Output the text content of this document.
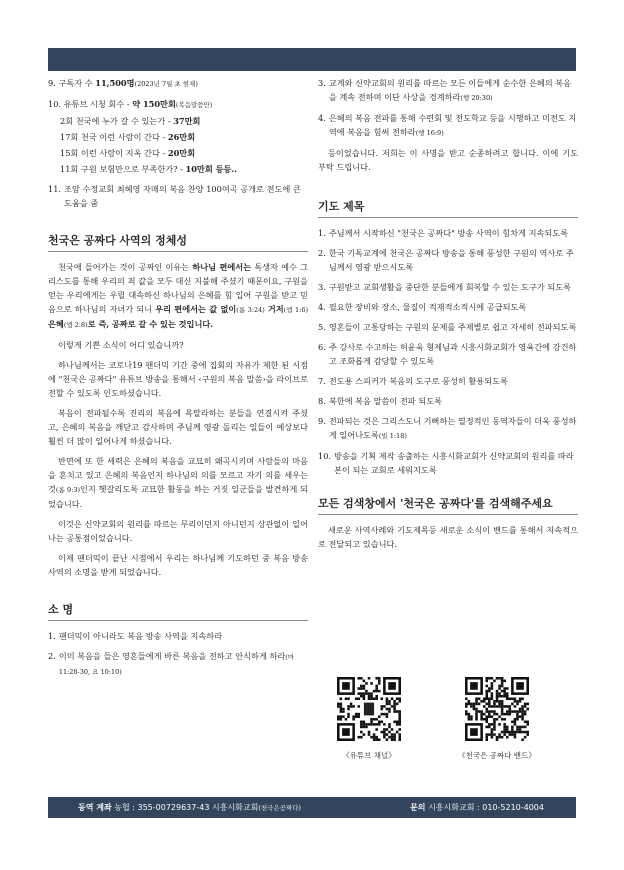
9. 구독자 수 11,500명(2023년 7월 초 현재)
10. 유튜브 시청 회수 - 약 150만회(복음말씀만)
2회 천국에 누가 갈 수 있는가 - 37만회
17회 천국 이런 사람이 간다 - 26만회
15회 이런 사람이 지옥 간다 - 20만회
11회 구원 보험만으로 부족한가? - 10만회 등등..
11. 조암 수정교회 최혜영 자매의 복음 찬양 100여곡 공개로 전도에 큰 도움을 줌
천국은 공짜다 사역의 정체성

천국에 들어가는 것이 공짜인 이유는 하나님 편에서는 독생자 예수 그리스도를 통해 우리의 죄 값을 모두 대신 지불해 주셨기 때문이요, 구원을 얻는 우리에게는 우릴 대속하신 하나님의 은혜를 힘 입어 구원을 받고 믿음으로 하나님의 자녀가 되니 우리 편에서는 값 없이(롬 3:24) 거저(엡 1:6) 은혜(엡 2:8)로 즉, 공짜로 갈 수 있는 것입니다.

이렇게 기쁜 소식이 어디 있습니까?

하나님께서는 코로나19 팬더믹 기간 중에 집회의 자유가 제한 된 시점에 "천국은 공짜다" 유튜브 방송을 통해서 ‹구원의 복음 말씀›을 라이브로 전할 수 있도록 인도하셨습니다.

복음이 전파될수록 진리의 복음에 목말라하는 분들을 연결시켜 주셨고, 은혜의 복음을 깨닫고 감사하며 주님께 영광 돌리는 일들이 예상보다 훨씬 더 많이 일어나게 하셨습니다.

반면에 또 한 세력은 은혜의 복음을 교묘히 왜곡시키며 사람들의 마음을 흔치고 있고 은혜의 복음인지 하나님의 의를 모르고 자기 의를 세우는 것(롬 9:3)인지 헷갈리도록 교묘한 활동을 하는 거짓 일군들을 발견하게 되었습니다.

이것은 신약교회의 원리를 따르는 무리이던지 아니던지 상관없이 일어나는 공통점이었습니다.

이제 팬더믹이 끝난 시점에서 우리는 하나님께 기도하던 중 복음 방송 사역의 소명을 받게 되었습니다.

소 명
1. 팬더믹이 아니라도 복음 방송 사역을 지속하라
2. 이미 복음을 들은 영혼들에게 바른 복음을 전하고 안식하게 하라(마 11:28-30, 요 10:10)
3. 교계와 신약교회의 원리를 따르는 모든 이들에게 순수한 은혜의 복음을 계속 전하며 이단 사상을 경계하라(행 20:30)
4. 은혜의 복음 전파를 통해 수련회 및 전도학교 등을 시행하고 미전도 지역에 복음을 힘써 전하라(행 16:9)

등이었습니다. 저희는 이 사명을 받고 순종하려고 합니다. 이에 기도 부탁 드립니다.

기도 제목
1. 주님께서 시작하신 "천국은 공짜다" 방송 사역이 힘차게 지속되도록
2. 한국 기독교계에 천국은 공짜다 방송을 통해 풍성한 구원의 역사로 주님께서 영광 받으시도록
3. 구원받고 교회생활을 중단한 분들에게 회복할 수 있는 도구가 되도록
4. 필요한 장비와 장소, 물질이 적재적소적시에 공급되도록
5. 영혼들이 고통당하는 구원의 문제를 주제별로 쉽고 자세히 전파되도록
6. 주 강사로 수고하는 허윤욱 형제님과 시흥시화교회가 영육간에 강건하고 조화롭게 감당할 수 있도록
7. 전도용 스피커가 복음의 도구로 풍성히 활용되도록
8. 북한에 복음 말씀이 전파 되도록
9. 전파되는 것은 그리스도니 기뻐하는 열정적인 동역자들이 더욱 풍성하게 일어나도록(빌 1:18)
10. 방송을 기획 제작 송출하는 시흥시화교회가 신약교회의 원리를 따라 본이 되는 교회로 세워지도록
모든 검색창에서 '천국은 공짜다'를 검색해주세요

새로운 사역사례와 기도제목등 새로운 소식이 밴드를 통해서 지속적으로 전달되고 있습니다.

《유튜브 채널》	《천국은 공짜다 밴드》
동역 계좌 농협 : 355-00729637-43 시흥시화교회(천국은공짜다)	문의 시흥시화교회 : 010-5210-4004
